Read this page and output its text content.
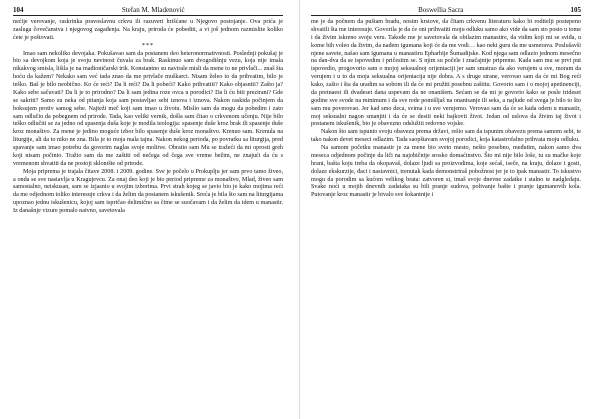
104	Stefan M. Mladenović

nećije verovanje, raskrinka pravoslavnu crkvu ili razuveri hrišćane u Njegovo postojanje. Ova prića je zaslugа čovečanstva i njegovog zagađenja. Na kraju, priroda će pobediti, a vi još jednom razmislite koliko ćete je poštovati.

***

Imao sam nekoliko devojaka. Pokušavao sam da postanem deo heteronormativnosti. Poslednji pokušaj je bio sa devojkom koja je svoju nevinost čuvala za brak. Raskinuo sam dvogodišnju vezu, koja nije imala nikakvog smisla, lišila je na mađioničarski trik. Konstantno su navirale misli da mene to ne privlači... znaš šta hoću da kažem? Nekako sam već tada znao da me privlače muškarci. Nisam želeo to da prihvatim, bilo je teško. Baš je bilo neobično. Ko će reći? Da li reći? Da li pobeći? Kako prihvatiti? Kako objasniti? Zašto ja? Kako sebe sačuvati? Da li je to prirodno? Da li sam jedina roze ovca u porodici? Da li ću biti prezirani? Gde se sakriti? Samo su neka od pitanja koja sam postavljao sebi iznova i iznova. Nakon raskida počinjem da boksujem protiv samog sebe. Najteži meč koji sam imao u životu. Mislio sam da mogu da pobedim i zato sam odlučio da pobegnem od prirode. Tada, kao veliki vernik, došla sam čitao o crkvenom učenju. Nije bilo teško odlučiti se za jedno od spasenja duša koje je modila teologija: spasenje duše kroz brak ili spasenje duše kroz monaštvo. Za mene je jedino moguće izbor bilo spasenje duše kroz monaštvo. Krenuo sam. Krenula na liturgije, ali da to niko ne zna. Bila je to moja mala tajna. Nakon nekog perioda, po povratku sa liturgija, pred spavanje sam imao potrebu da govorim naglas svoje molitve. Obratio sam Mu se tražeći da mi oprosti greh koji nisam počinio. Tražio sam da me zaštiti od nečega od čega sve vreme bežim, ne znajući da ću s vremenom shvatiti da ne postoji sklonište od prirode.

Moja pripremа je trajala čitave 2008. i 2009. godine. Sve je počelo u Prokuplju jer sam prvo tamo živeo, a onda se sve nastavlja u Kragujevcu. Za onaj deo koji je bio period pripreme za monaštvo, Mlad, živeo sam samostalno, neiskusan, sam se izjasnio u svojim izborima. Prvi strah kojeg se javio bio je kako mojima reći da me odjednom toliko interesuje crkva i da želim da postanem iskušenik. Sreća je bila što sam na liturgijama upoznao jednu iskušenicu, kojoj sam ispričao delimično sa čime se suočavam i da želim da idem u manastir. Iz današnje vizure pomalo naivno, savetovala

Boswellia Sacra	105

me je da počnem da puštam bradu, nosim krstove, da čitam crkvenu literaturu kako bi roditelji postepeno shvatili šta me interesuje. Govorila je da će oni prihvatiti moju odluku samo ako vide da sam sto posto u tome i da živim iskreno svoju veru. Takođe me je savetovala da obilazim manastire, da vidim koji mi se sviđa, u kome bih voleo da živim, da nađem igumana koji će da me vodi… kao neki guru da me usmerava. Poslušavši njene savete, našao sam igumana u manastiru Epharhije Šumadijske. Kod njega sam odlazio jednom mesečno na dan-dva da se ispovedim i pričestim se. S njim su počele i značajnije pripreme. Kada sam mu se prvi put ispovedio, progovorio sam o mojoj seksualnoj orijentaciji jer sam smatrao da ako verujem u sve, moram da verujem i u to da moja seksualna orijentacija nije dobra. A s druge strane, verovao sam da će mi Bog reći kako, zašto i šta da uradim sa sobom ili da će mi pružiti posebnu zaštitu. Govorio sam i o mojoj apetinenciji, da pretnaest ili dvadeset dana uspevam da ne onanišem. Sećam se da mi je govorio kako se posle trideset godine sve svode na minimum i da sve rede pomišljaš na onanisanje ili seks, a najlude od svega je bilo to što sam mu poverovao. Jer kad smo deca, svima i u sve verujemo. Verovao sam da će se kada odem u manastir, moj seksualni nagon smanjiti i da će se desiti neki bajkovit život. Jedan od uslova da živim taj život i postanem iskušenik, bio je obavezno odslužiti redovno vojske.

Nakon što sam ispunio svoju obavezu prema državi, rešio sam da ispunim obavezu prema samom sebi, te tako nakon devet meseci odlazim. Tada saopštavam svojoj porodici, koja katastrofalno prihvata moju odluku.

Na samom početku manastir je za mene bio sveto mesto, nešto posebno, međutim, nakon samo dva meseca odjednom počinje da liči na najobičnije srosko domaćinstvo. Što mi nije bilo loše, tu su mačke koje hrani, bašta koju treba da okopavaš, dolaze ljudi sa proizvodima, koje sećaš, iseče, na kraju, dolaze i gosti, dolaze ekskurzije, đaci i nastavnici, trenutak kada demonstriraš pobožnost jer je to ipak manastir. To iskustvo mogu da porodim sa kućom velikog brata: zatvoren si, imaš svoje dnevne zadatke i stalno te nadgledaju. Svake noći u mojih dnevnih zadataka su bili pranje sudova, polivanje bašte i pranje igumanovih kola. Putovanje kroz manastir je bivalo sve šokantnije i
